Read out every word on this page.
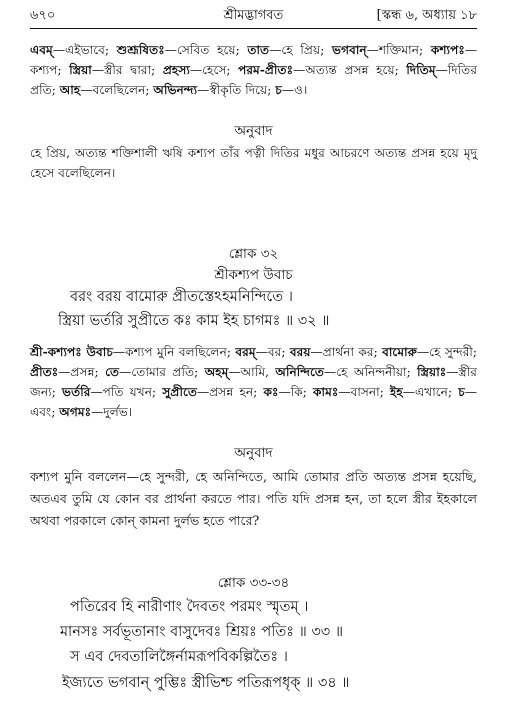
৬৭০	শ্রীমদ্ভাগবত	[স্কন্ধ ৬, অধ্যায় ১৮
এবম্—এইভাবে; শুশ্রূষিতঃ—সেবিত হয়ে; তাত—হে প্রিয়; ভগবান্—শক্তিমান; কশ্যপঃ—কশ্যপ; স্ত্রিয়া—স্ত্রীর দ্বারা; প্রহস্য—হেসে; পরম-প্রীতঃ—অত্যন্ত প্রসন্ন হয়ে; দিতিম্—দিতির প্রতি; আহ—বলেছিলেন; অভিনন্দ্য—স্বীকৃতি দিয়ে; চ—ও।
অনুবাদ
হে প্রিয়, অত্যন্ত শক্তিশালী ঋষি কশ্যপ তাঁর পত্নী দিতির মধুর আচরণে অত্যন্ত প্রসন্ন হয়ে মৃদু হেসে বলেছিলেন।
শ্লোক ৩২
শ্রীকশ্যপ উবাচ
বরং বরয় বামোরু প্রীতস্তেঽহমনিন্দিতে ।
স্ত্রিয়া ভর্তরি সুপ্রীতে কঃ কাম ইহ চাগমঃ ॥ ৩২ ॥
শ্রী-কশ্যপঃ উবাচ—কশ্যপ মুনি বলছিলেন; বরম্—বর; বরয়—প্রার্থনা কর; বামোরু—হে সুন্দরী; প্রীতঃ—প্রসন্ন; তে—তোমার প্রতি; অহম্—আমি, অনিন্দিতে—হে অনিন্দনীয়া; স্ত্রিয়াঃ—স্ত্রীর জন্য; ভর্তরি—পতি যখন; সুপ্রীতে—প্রসন্ন হন; কঃ—কি; কামঃ—বাসনা; ইহ—এখানে; চ—এবং; অগমঃ—দুর্লভ।
অনুবাদ
কশ্যপ মুনি বললেন—হে সুন্দরী, হে অনিন্দিতে, আমি তোমার প্রতি অত্যন্ত প্রসন্ন হয়েছি, অতএব তুমি যে কোন বর প্রার্থনা করতে পার। পতি যদি প্রসন্ন হন, তা হলে স্ত্রীর ইহকালে অথবা পরকালে কোন্ কামনা দুর্লভ হতে পারে?
শ্লোক ৩৩-৩৪
পতিরেব হি নারীণাং দৈবতং পরমং স্মৃতম্ ।
মানসঃ সর্বভূতানাং বাসুদেবঃ শ্রিয়ঃ পতিঃ ॥ ৩৩ ॥
স এব দেবতালিঙ্গৈর্নামরূপবিকল্পিতৈঃ ।
ইজ্যতে ভগবান্ পুম্ভিঃ স্ত্রীভিশ্চ পতিরূপধৃক্ ॥ ৩৪ ॥
